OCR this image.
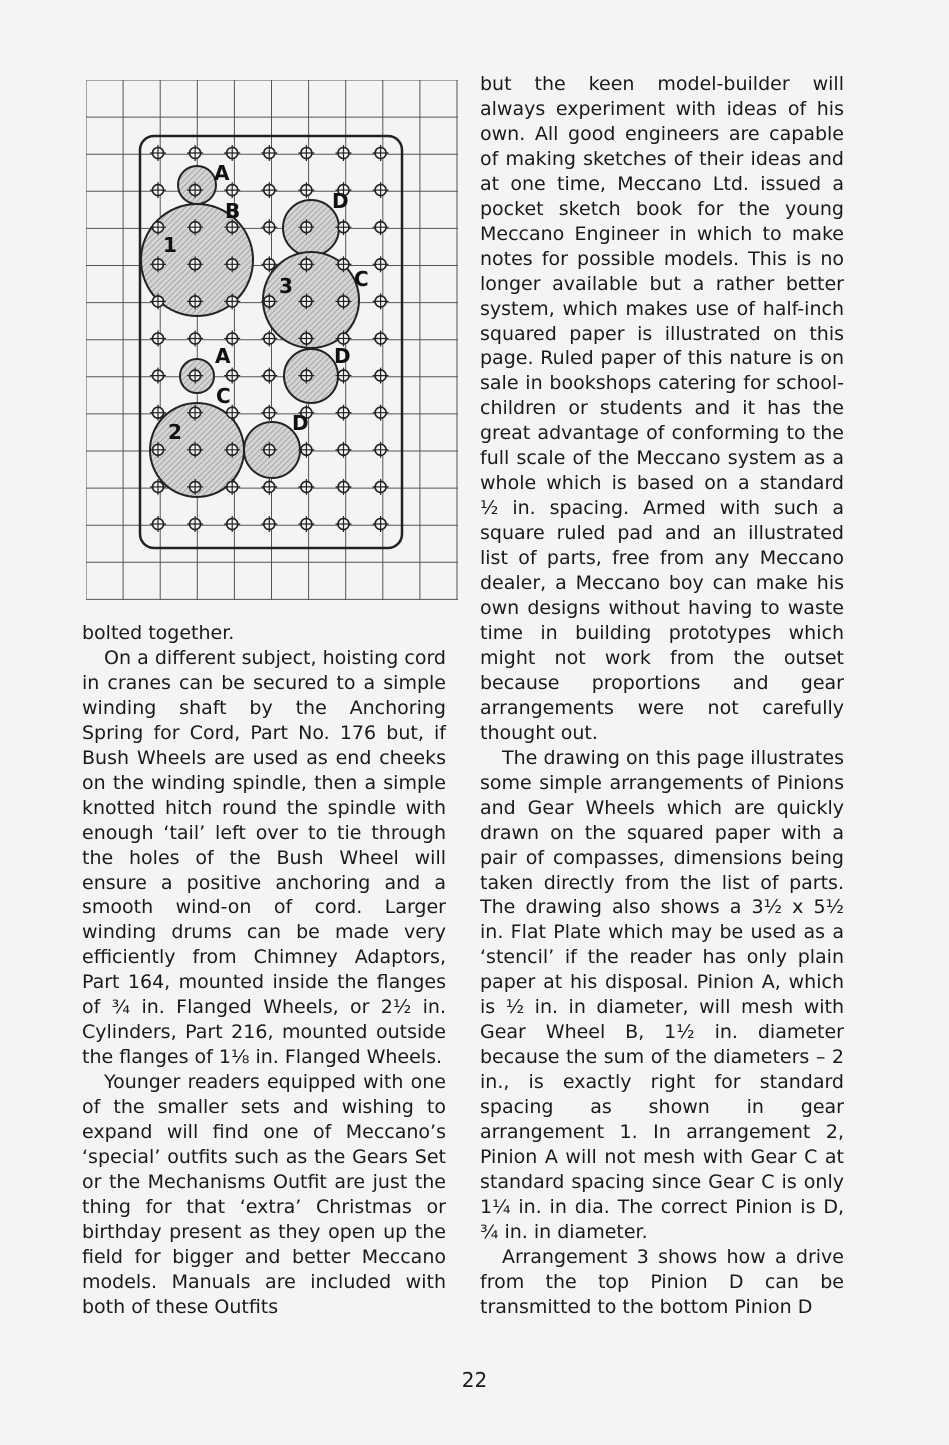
A
B	D
1
C
3
A	D
C
2	D

bolted together.

On a different subject, hoisting cord in cranes can be secured to a simple winding shaft by the Anchoring Spring for Cord, Part No. 176 but, if Bush Wheels are used as end cheeks on the winding spindle, then a simple knotted hitch round the spindle with enough ‘tail’ left over to tie through the holes of the Bush Wheel will ensure a positive anchoring and a smooth wind-on of cord. Larger winding drums can be made very efficiently from Chimney Adaptors, Part 164, mounted inside the flanges of ¾ in. Flanged Wheels, or 2½ in. Cylinders, Part 216, mounted outside the flanges of 1⅛ in. Flanged Wheels.

Younger readers equipped with one of the smaller sets and wishing to expand will find one of Meccano’s ‘special’ outfits such as the Gears Set or the Mechanisms Outfit are just the thing for that ‘extra’ Christmas or birthday present as they open up the field for bigger and better Meccano models. Manuals are included with both of these Outfits

but the keen model-builder will always experiment with ideas of his own. All good engineers are capable of making sketches of their ideas and at one time, Meccano Ltd. issued a pocket sketch book for the young Meccano Engineer in which to make notes for possible models. This is no longer available but a rather better system, which makes use of half-inch squared paper is illustrated on this page. Ruled paper of this nature is on sale in bookshops catering for school-children or students and it has the great advantage of conforming to the full scale of the Meccano system as a whole which is based on a standard ½ in. spacing. Armed with such a square ruled pad and an illustrated list of parts, free from any Meccano dealer, a Meccano boy can make his own designs without having to waste time in building prototypes which might not work from the outset because proportions and gear arrangements were not carefully thought out.

The drawing on this page illustrates some simple arrangements of Pinions and Gear Wheels which are quickly drawn on the squared paper with a pair of compasses, dimensions being taken directly from the list of parts. The drawing also shows a 3½ x 5½ in. Flat Plate which may be used as a ‘stencil’ if the reader has only plain paper at his disposal. Pinion A, which is ½ in. in diameter, will mesh with Gear Wheel B, 1½ in. diameter because the sum of the diameters – 2 in., is exactly right for standard spacing as shown in gear arrangement 1. In arrangement 2, Pinion A will not mesh with Gear C at standard spacing since Gear C is only 1¼ in. in dia. The correct Pinion is D, ¾ in. in diameter.

Arrangement 3 shows how a drive from the top Pinion D can be transmitted to the bottom Pinion D

22
